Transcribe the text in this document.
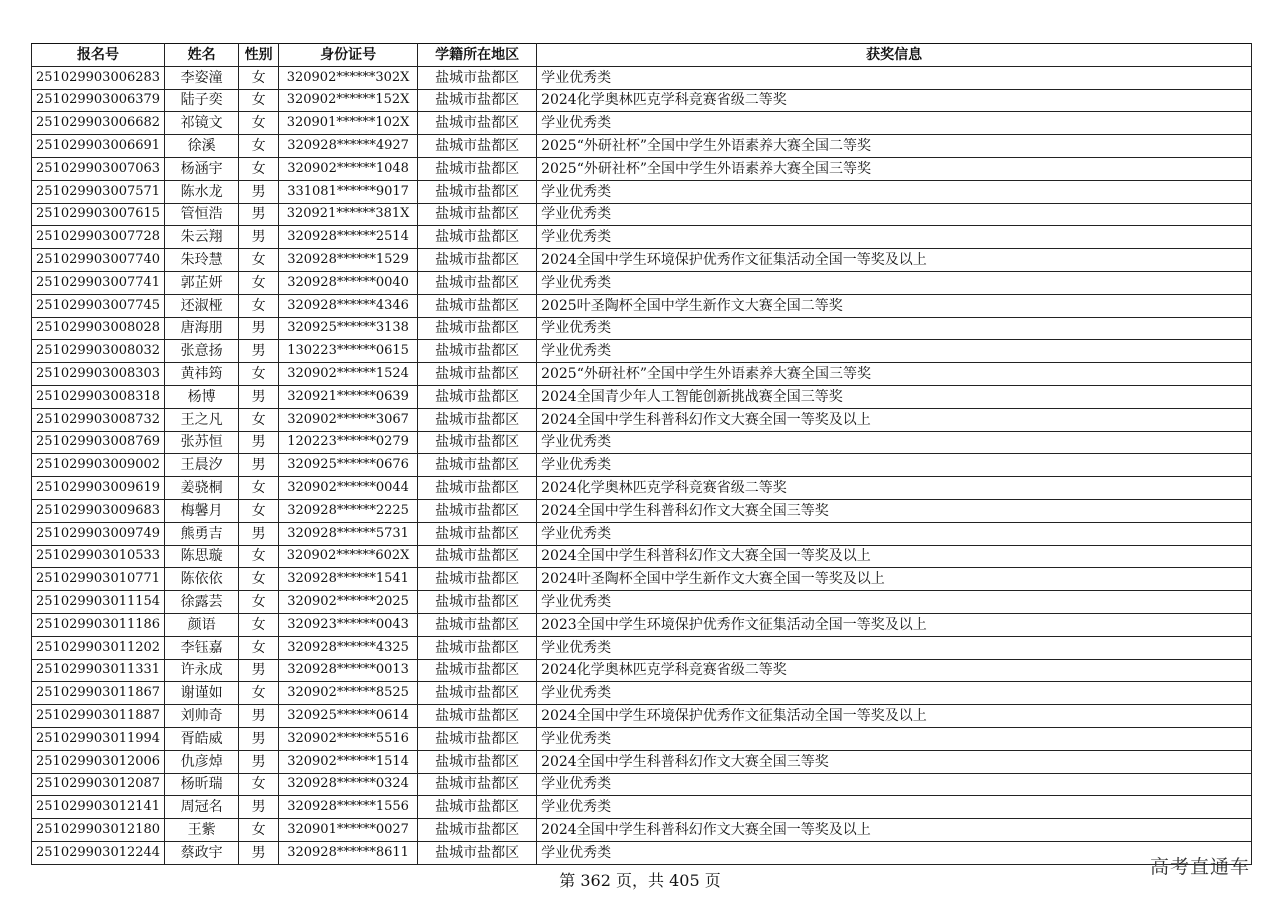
报名号	姓名	性别	身份证号	学籍所在地区	获奖信息
251029903006283	李姿潼	女	320902******302X	盐城市盐都区	学业优秀类
251029903006379	陆子奕	女	320902******152X	盐城市盐都区	2024化学奥林匹克学科竞赛省级二等奖
251029903006682	祁镜文	女	320901******102X	盐城市盐都区	学业优秀类
251029903006691	徐溪	女	320928******4927	盐城市盐都区	2025“外研社杯”全国中学生外语素养大赛全国二等奖
251029903007063	杨涵宇	女	320902******1048	盐城市盐都区	2025“外研社杯”全国中学生外语素养大赛全国三等奖
251029903007571	陈水龙	男	331081******9017	盐城市盐都区	学业优秀类
251029903007615	管恒浩	男	320921******381X	盐城市盐都区	学业优秀类
251029903007728	朱云翔	男	320928******2514	盐城市盐都区	学业优秀类
251029903007740	朱玲慧	女	320928******1529	盐城市盐都区	2024全国中学生环境保护优秀作文征集活动全国一等奖及以上
251029903007741	郭芷妍	女	320928******0040	盐城市盐都区	学业优秀类
251029903007745	还淑桠	女	320928******4346	盐城市盐都区	2025叶圣陶杯全国中学生新作文大赛全国二等奖
251029903008028	唐海朋	男	320925******3138	盐城市盐都区	学业优秀类
251029903008032	张意扬	男	130223******0615	盐城市盐都区	学业优秀类
251029903008303	黄祎筠	女	320902******1524	盐城市盐都区	2025“外研社杯”全国中学生外语素养大赛全国三等奖
251029903008318	杨博	男	320921******0639	盐城市盐都区	2024全国青少年人工智能创新挑战赛全国三等奖
251029903008732	王之凡	女	320902******3067	盐城市盐都区	2024全国中学生科普科幻作文大赛全国一等奖及以上
251029903008769	张苏恒	男	120223******0279	盐城市盐都区	学业优秀类
251029903009002	王晨汐	男	320925******0676	盐城市盐都区	学业优秀类
251029903009619	姜骁桐	女	320902******0044	盐城市盐都区	2024化学奥林匹克学科竞赛省级二等奖
251029903009683	梅馨月	女	320928******2225	盐城市盐都区	2024全国中学生科普科幻作文大赛全国三等奖
251029903009749	熊勇吉	男	320928******5731	盐城市盐都区	学业优秀类
251029903010533	陈思璇	女	320902******602X	盐城市盐都区	2024全国中学生科普科幻作文大赛全国一等奖及以上
251029903010771	陈依依	女	320928******1541	盐城市盐都区	2024叶圣陶杯全国中学生新作文大赛全国一等奖及以上
251029903011154	徐露芸	女	320902******2025	盐城市盐都区	学业优秀类
251029903011186	颜语	女	320923******0043	盐城市盐都区	2023全国中学生环境保护优秀作文征集活动全国一等奖及以上
251029903011202	李钰嘉	女	320928******4325	盐城市盐都区	学业优秀类
251029903011331	许永成	男	320928******0013	盐城市盐都区	2024化学奥林匹克学科竞赛省级二等奖
251029903011867	谢谨如	女	320902******8525	盐城市盐都区	学业优秀类
251029903011887	刘帅奇	男	320925******0614	盐城市盐都区	2024全国中学生环境保护优秀作文征集活动全国一等奖及以上
251029903011994	胥皓威	男	320902******5516	盐城市盐都区	学业优秀类
251029903012006	仇彦焯	男	320902******1514	盐城市盐都区	2024全国中学生科普科幻作文大赛全国三等奖
251029903012087	杨昕瑞	女	320928******0324	盐城市盐都区	学业优秀类
251029903012141	周冠名	男	320928******1556	盐城市盐都区	学业优秀类
251029903012180	王紫	女	320901******0027	盐城市盐都区	2024全国中学生科普科幻作文大赛全国一等奖及以上
251029903012244	蔡政宇	男	320928******8611	盐城市盐都区	学业优秀类
第 362 页，共 405 页
高考直通车
